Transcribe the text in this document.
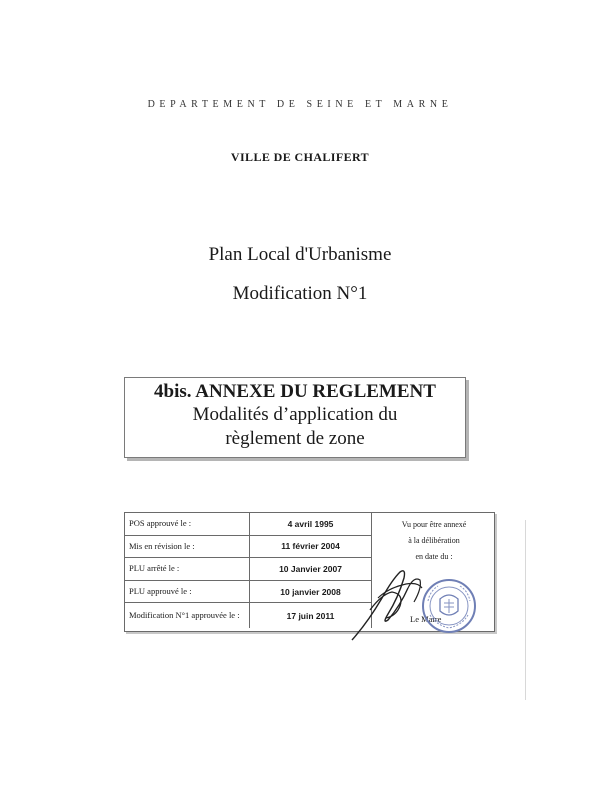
DEPARTEMENT DE SEINE ET MARNE
VILLE DE CHALIFERT
Plan Local d'Urbanisme
Modification N°1
4bis. ANNEXE DU REGLEMENT
Modalités d’application du
règlement de zone
POS approuvé le :	4 avril 1995
Mis en révision le :	11 février 2004
PLU arrêté le :	10 Janvier 2007
PLU approuvé le :	10 janvier 2008
Modification N°1 approuvée le :	17 juin 2011
Vu pour être annexé
à la délibération
en date du :
Le Maire
